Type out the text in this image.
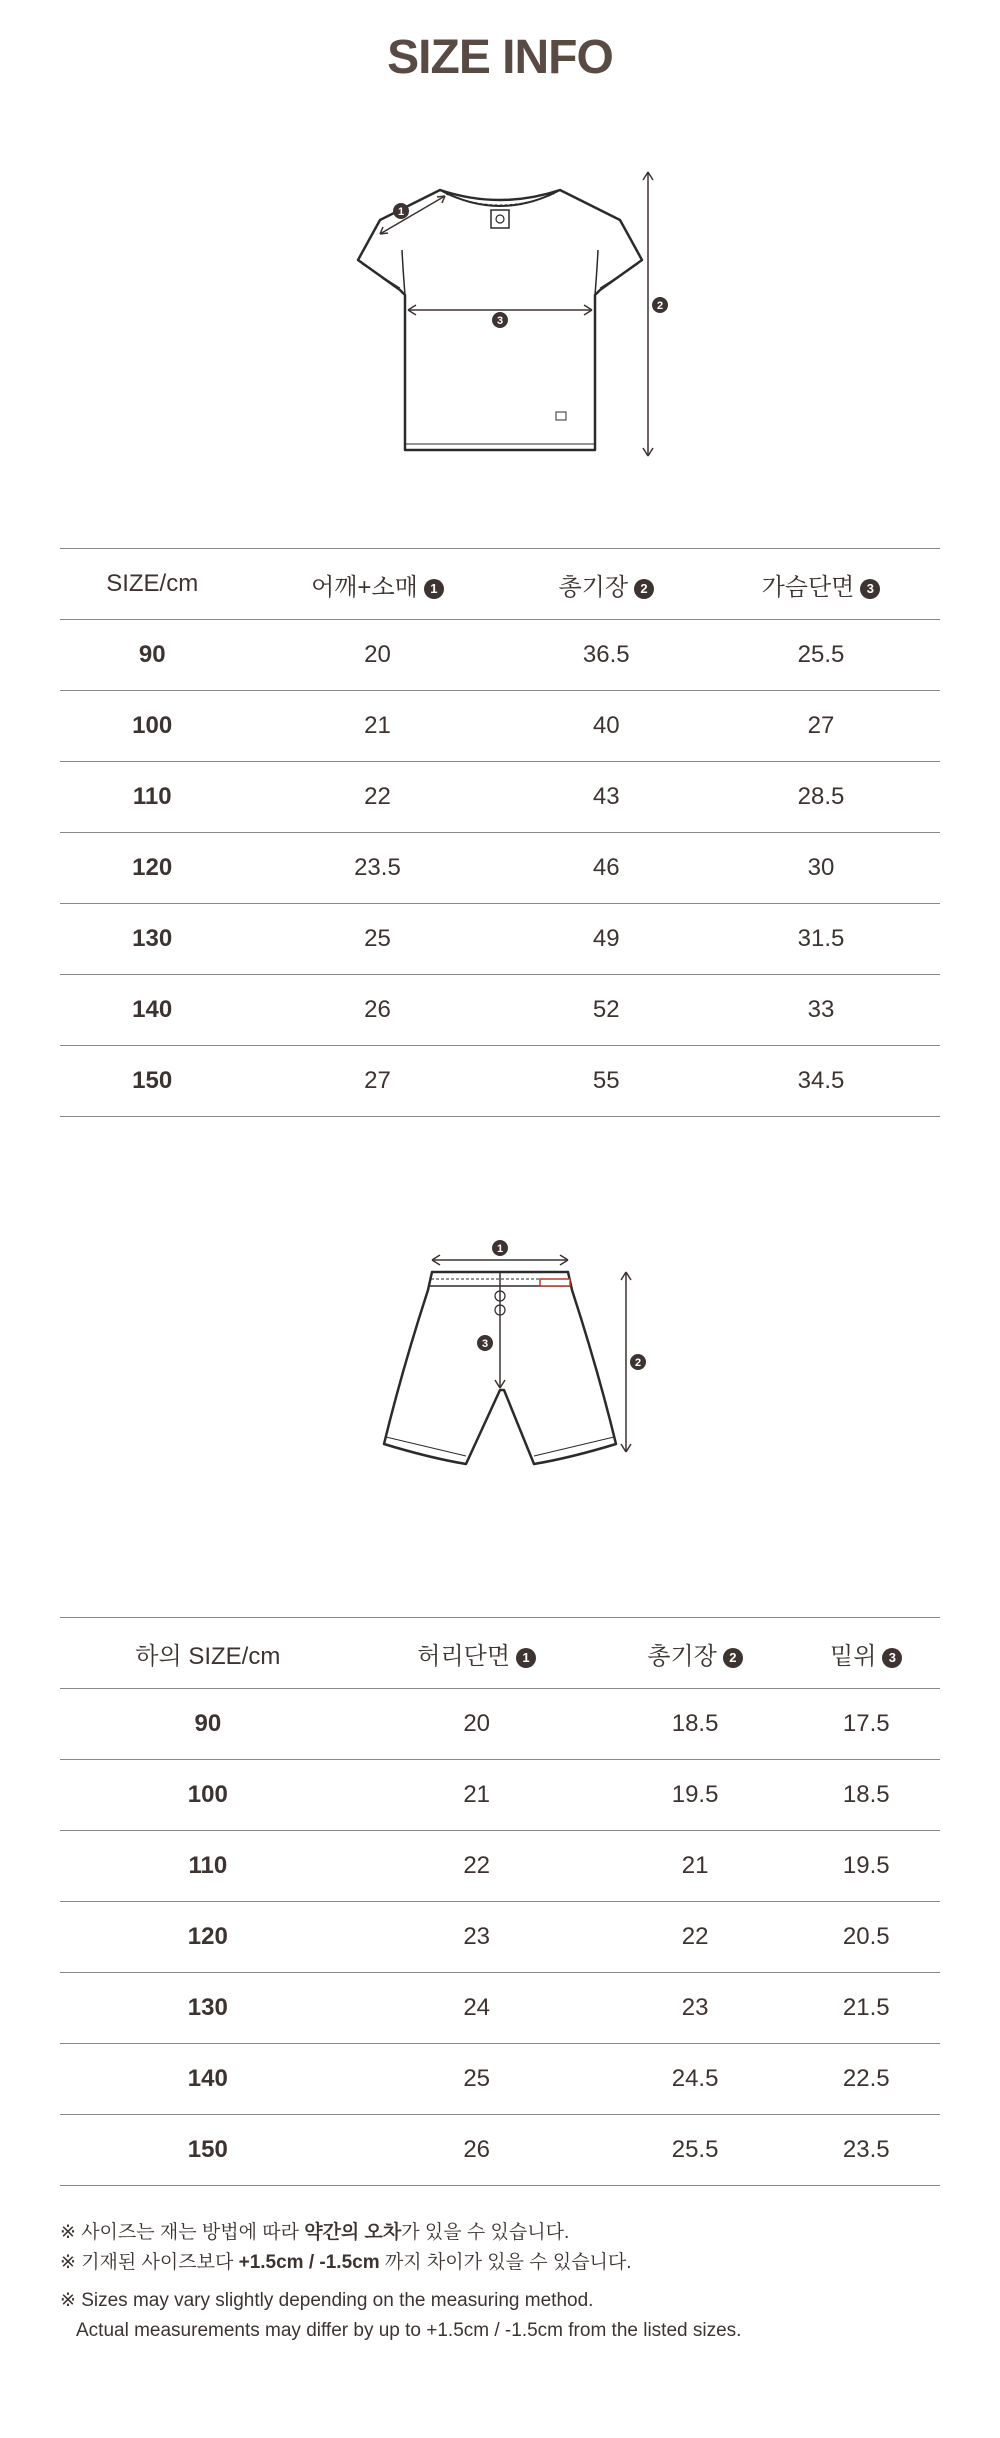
SIZE INFO
1
3
2
SIZE/cm	어깨+소매 1	총기장 2	가슴단면 3
90	20	36.5	25.5
100	21	40	27
110	22	43	28.5
120	23.5	46	30
130	25	49	31.5
140	26	52	33
150	27	55	34.5
1
3
2
하의 SIZE/cm	허리단면 1	총기장 2	밑위 3
90	20	18.5	17.5
100	21	19.5	18.5
110	22	21	19.5
120	23	22	20.5
130	24	23	21.5
140	25	24.5	22.5
150	26	25.5	23.5
※ 사이즈는 재는 방법에 따라 약간의 오차가 있을 수 있습니다.
※ 기재된 사이즈보다 +1.5cm / -1.5cm 까지 차이가 있을 수 있습니다.
※ Sizes may vary slightly depending on the measuring method.
Actual measurements may differ by up to +1.5cm / -1.5cm from the listed sizes.
